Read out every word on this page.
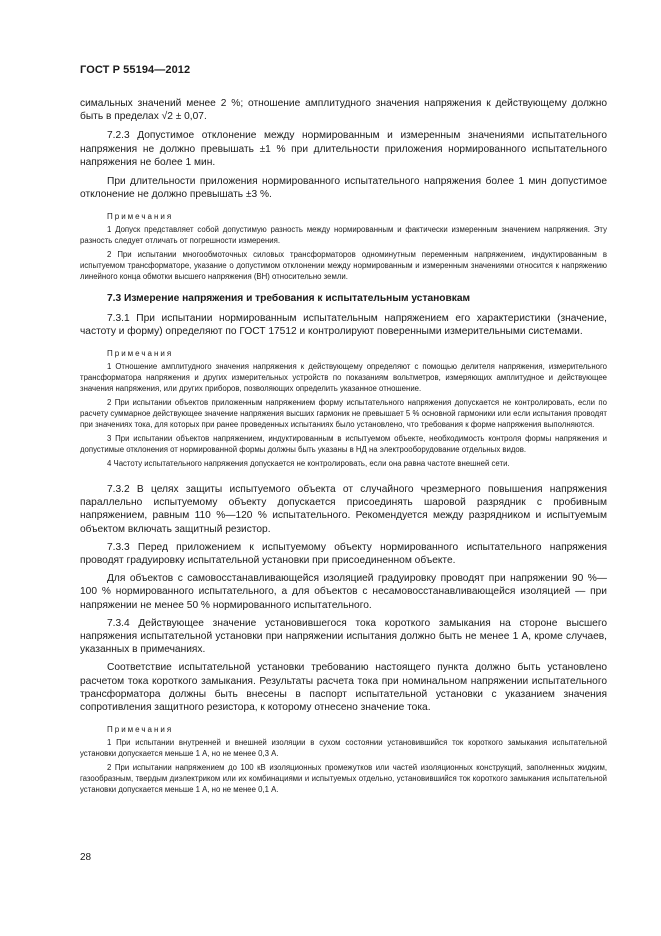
ГОСТ Р 55194—2012

симальных значений менее 2 %; отношение амплитудного значения напряжения к действующему должно быть в пределах √2 ± 0,07.

7.2.3 Допустимое отклонение между нормированным и измеренным значениями испытательного напряжения не должно превышать ±1 % при длительности приложения нормированного испытательного напряжения не более 1 мин.

При длительности приложения нормированного испытательного напряжения более 1 мин допустимое отклонение не должно превышать ±3 %.

Примечания

1 Допуск представляет собой допустимую разность между нормированным и фактически измеренным значением напряжения. Эту разность следует отличать от погрешности измерения.

2 При испытании многообмоточных силовых трансформаторов одноминутным переменным напряжением, индуктированным в испытуемом трансформаторе, указание о допустимом отклонении между нормированным и измеренным значениями относится к напряжению линейного конца обмотки высшего напряжения (ВН) относительно земли.

7.3 Измерение напряжения и требования к испытательным установкам

7.3.1 При испытании нормированным испытательным напряжением его характеристики (значение, частоту и форму) определяют по ГОСТ 17512 и контролируют поверенными измерительными системами.

Примечания

1 Отношение амплитудного значения напряжения к действующему определяют с помощью делителя напряжения, измерительного трансформатора напряжения и других измерительных устройств по показаниям вольтметров, измеряющих амплитудное и действующее значения напряжения, или других приборов, позволяющих определить указанное отношение.

2 При испытании объектов приложенным напряжением форму испытательного напряжения допускается не контролировать, если по расчету суммарное действующее значение напряжения высших гармоник не превышает 5 % основной гармоники или если испытания проводят при значениях тока, для которых при ранее проведенных испытаниях было установлено, что требования к форме напряжения выполняются.

3 При испытании объектов напряжением, индуктированным в испытуемом объекте, необходимость контроля формы напряжения и допустимые отклонения от нормированной формы должны быть указаны в НД на электрооборудование отдельных видов.

4 Частоту испытательного напряжения допускается не контролировать, если она равна частоте внешней сети.

7.3.2 В целях защиты испытуемого объекта от случайного чрезмерного повышения напряжения параллельно испытуемому объекту допускается присоединять шаровой разрядник с пробивным напряжением, равным 110 %—120 % испытательного. Рекомендуется между разрядником и испытуемым объектом включать защитный резистор.

7.3.3 Перед приложением к испытуемому объекту нормированного испытательного напряжения проводят градуировку испытательной установки при присоединенном объекте.

Для объектов с самовосстанавливающейся изоляцией градуировку проводят при напряжении 90 %—100 % нормированного испытательного, а для объектов с несамовосстанавливающейся изоляцией — при напряжении не менее 50 % нормированного испытательного.

7.3.4 Действующее значение установившегося тока короткого замыкания на стороне высшего напряжения испытательной установки при напряжении испытания должно быть не менее 1 А, кроме случаев, указанных в примечаниях.

Соответствие испытательной установки требованию настоящего пункта должно быть установлено расчетом тока короткого замыкания. Результаты расчета тока при номинальном напряжении испытательного трансформатора должны быть внесены в паспорт испытательной установки с указанием значения сопротивления защитного резистора, к которому отнесено значение тока.

Примечания

1 При испытании внутренней и внешней изоляции в сухом состоянии установившийся ток короткого замыкания испытательной установки допускается меньше 1 А, но не менее 0,3 А.

2 При испытании напряжением до 100 кВ изоляционных промежутков или частей изоляционных конструкций, заполненных жидким, газообразным, твердым диэлектриком или их комбинациями и испытуемых отдельно, установившийся ток короткого замыкания испытательной установки допускается меньше 1 А, но не менее 0,1 А.

28
